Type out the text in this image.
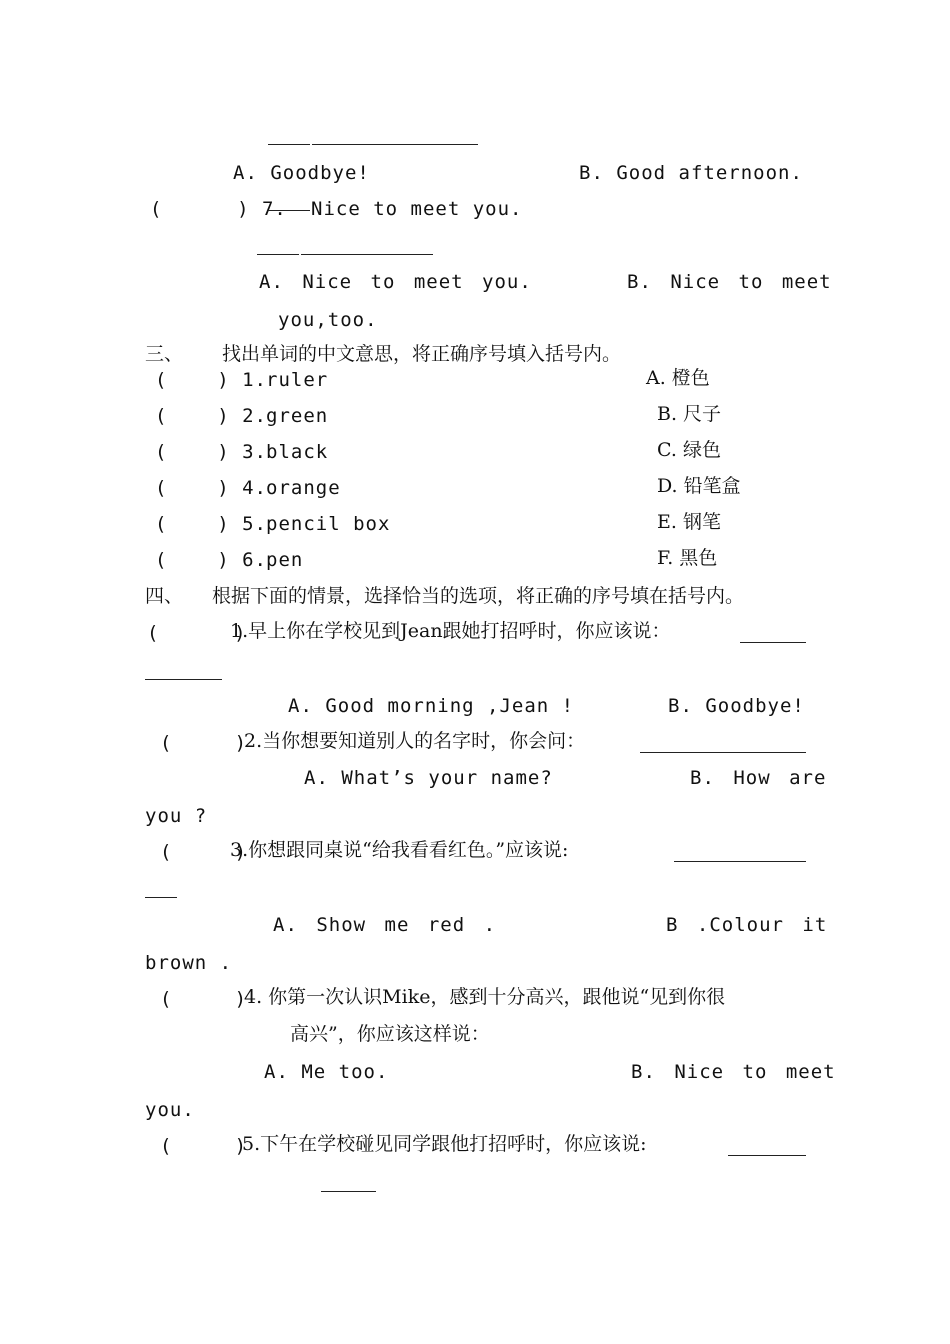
A. Goodbye!	B. Good afternoon.
(      ) 7. Nice to meet you.
A. Nice to meet you.	B. Nice to meet
you,too.
三、 找出单词的中文意思，将正确序号填入括号内。
(    ) 1. ruler	A. 橙色
(    ) 2. green	B. 尺子
(    ) 3. black	C. 绿色
(    ) 4. orange	D. 铅笔盒
(    ) 5. pencil box	E. 钢笔
(    ) 6. pen	F. 黑色
四、 根据下面的情景，选择恰当的选项，将正确的序号填在括号内。
(      )
1.早上你在学校见到Jean跟她打招呼时，你应该说：
A. Good morning ,Jean !	B. Goodbye!
(     )
2.当你想要知道别人的名字时，你会问：
A. What’s your name?	B. How are
you ?
(     )
3.你想跟同桌说“给我看看红色。”应该说:
A. Show me red .	B .Colour it
brown .
(     )
4. 你第一次认识Mike，感到十分高兴，跟他说“见到你很
高兴”，你应该这样说：
A. Me too.	B. Nice to meet
you.
(     )
5.下午在学校碰见同学跟他打招呼时，你应该说:
